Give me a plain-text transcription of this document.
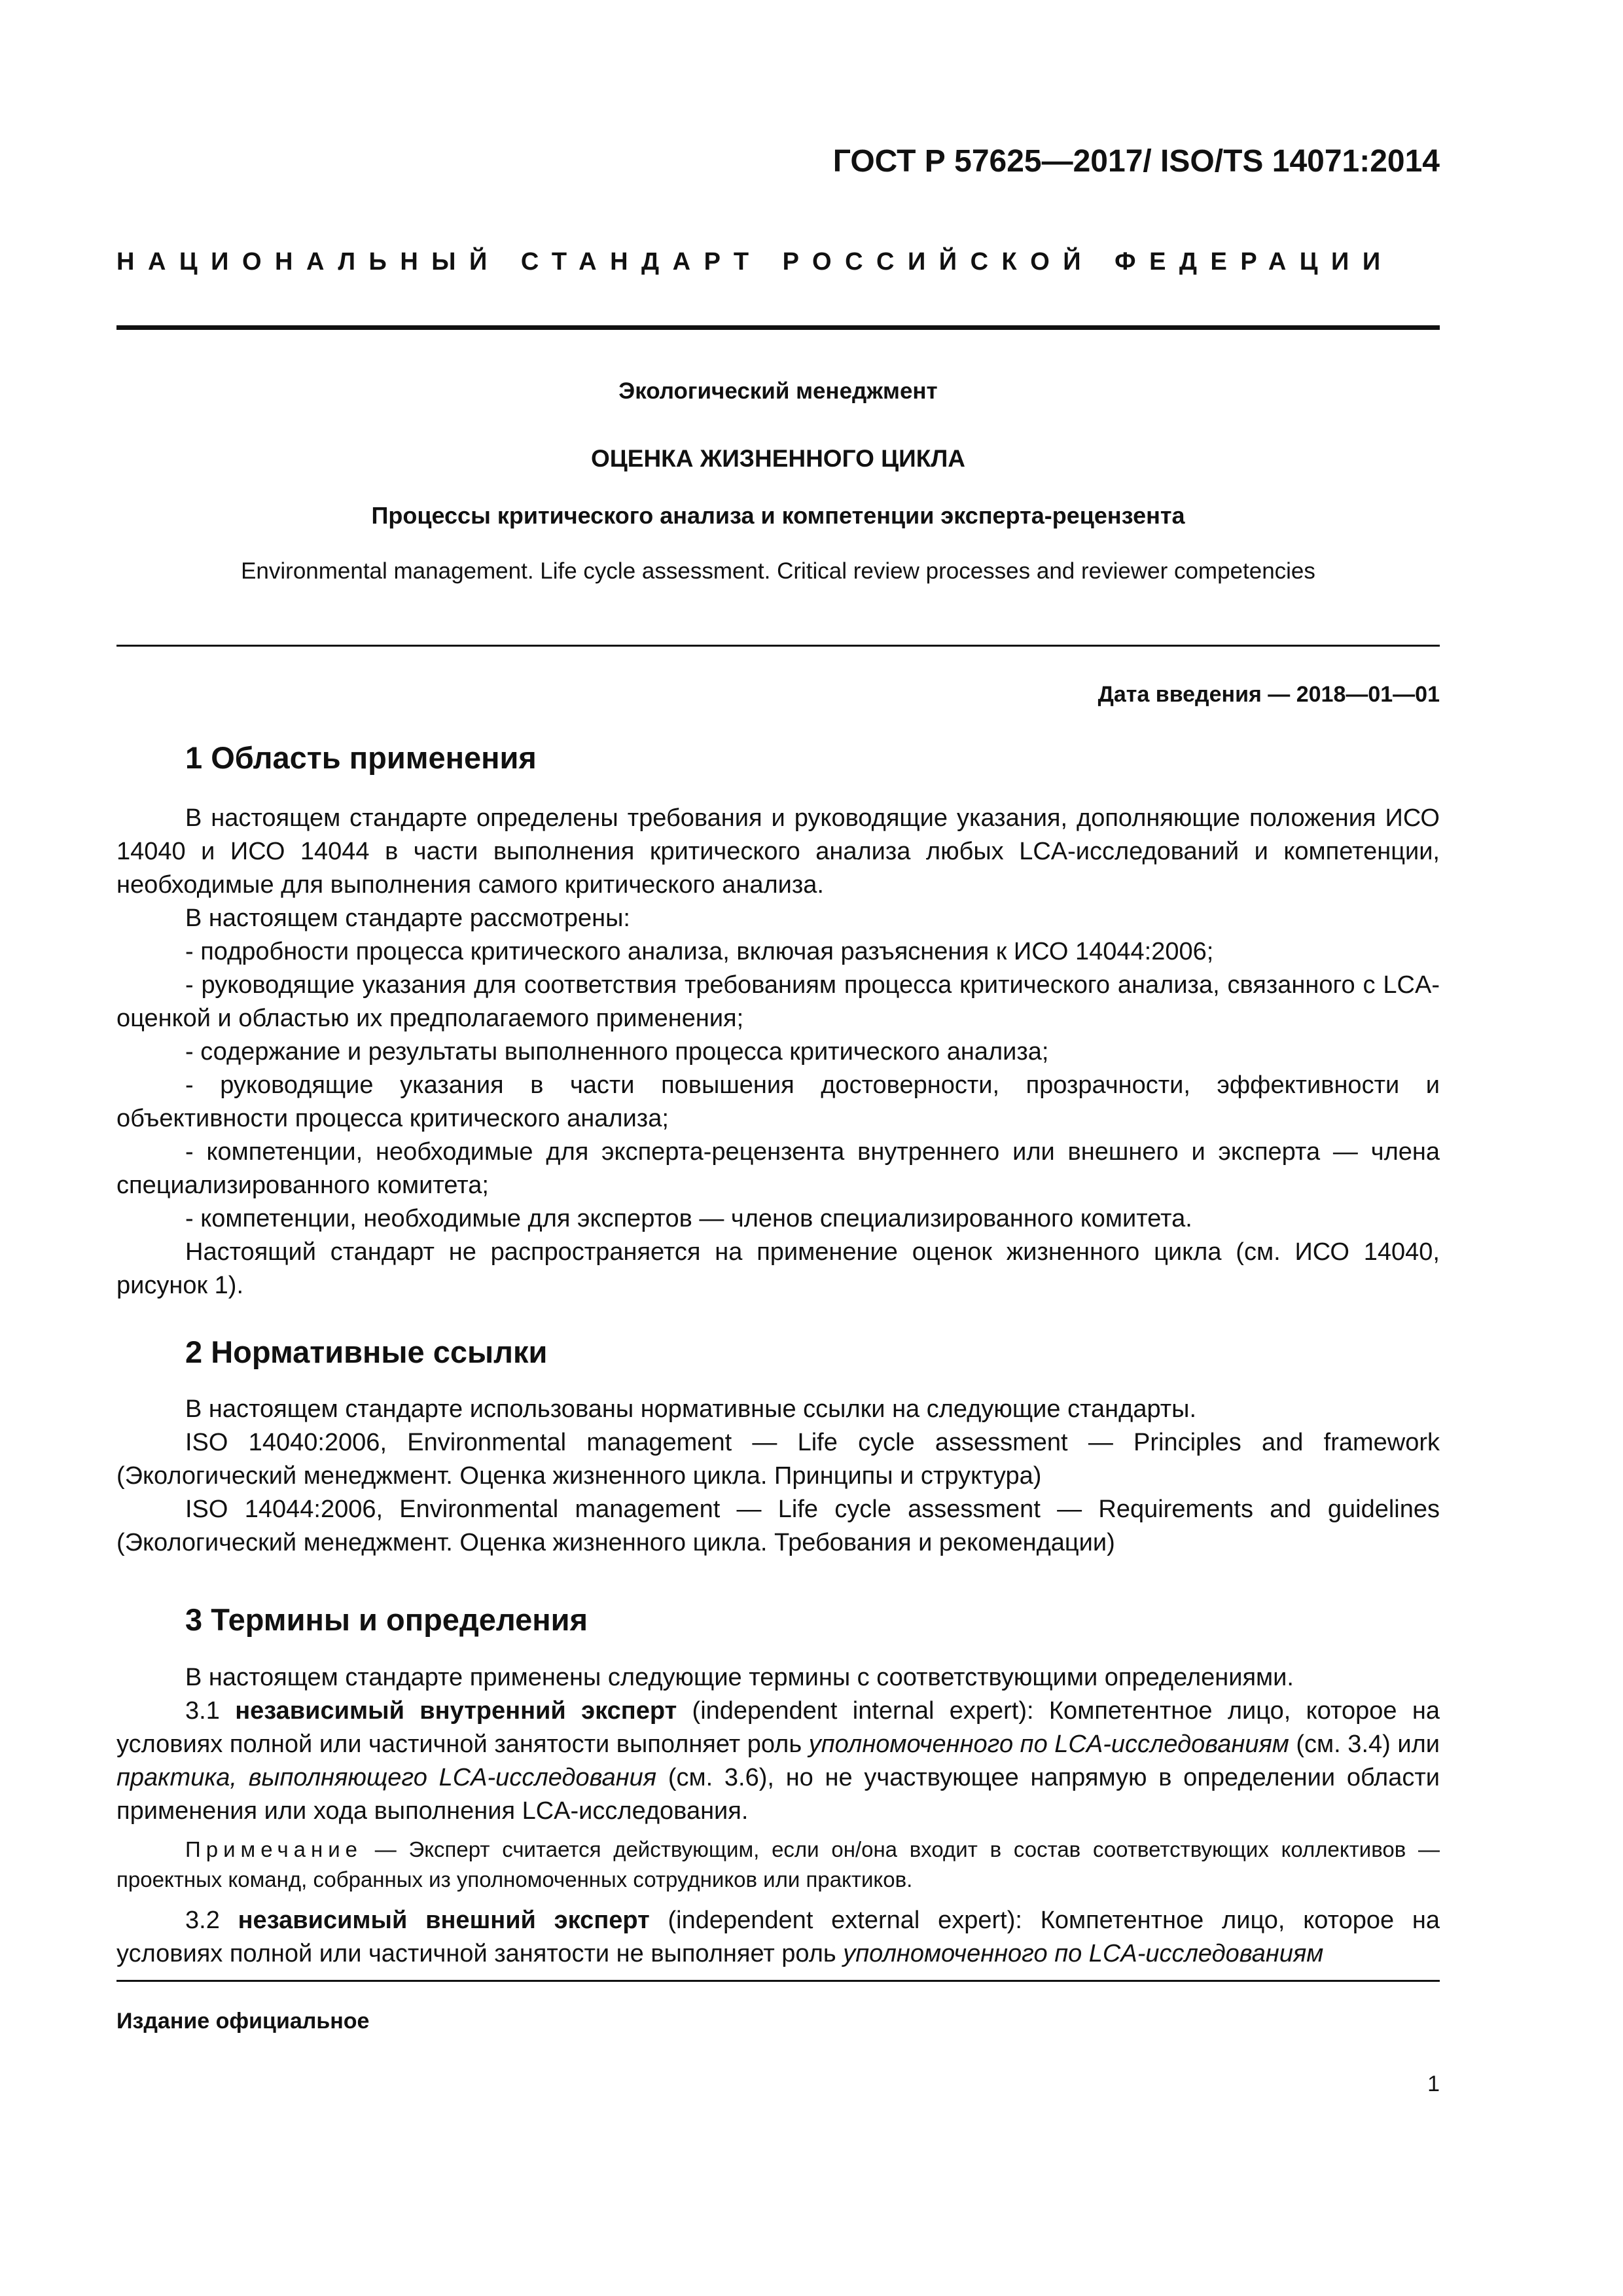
ГОСТ Р 57625—2017/ ISO/TS 14071:2014
НАЦИОНАЛЬНЫЙ СТАНДАРТ РОССИЙСКОЙ ФЕДЕРАЦИИ
Экологический менеджмент
ОЦЕНКА ЖИЗНЕННОГО ЦИКЛА
Процессы критического анализа и компетенции эксперта-рецензента
Environmental management. Life cycle assessment. Critical review processes and reviewer competencies
Дата введения — 2018—01—01
1 Область применения

В настоящем стандарте определены требования и руководящие указания, дополняющие положения ИСО 14040 и ИСО 14044 в части выполнения критического анализа любых LCA-исследований и компетенции, необходимые для выполнения самого критического анализа.

В настоящем стандарте рассмотрены:

- подробности процесса критического анализа, включая разъяснения к ИСО 14044:2006;

- руководящие указания для соответствия требованиям процесса критического анализа, связанного с LCA-оценкой и областью их предполагаемого применения;

- содержание и результаты выполненного процесса критического анализа;

- руководящие указания в части повышения достоверности, прозрачности, эффективности и объективности процесса критического анализа;

- компетенции, необходимые для эксперта-рецензента внутреннего или внешнего и эксперта — члена специализированного комитета;

- компетенции, необходимые для экспертов — членов специализированного комитета.

Настоящий стандарт не распространяется на применение оценок жизненного цикла (см. ИСО 14040, рисунок 1).

2 Нормативные ссылки

В настоящем стандарте использованы нормативные ссылки на следующие стандарты.

ISO 14040:2006, Environmental management — Life cycle assessment — Principles and framework (Экологический менеджмент. Оценка жизненного цикла. Принципы и структура)

ISO 14044:2006, Environmental management — Life cycle assessment — Requirements and guidelines (Экологический менеджмент. Оценка жизненного цикла. Требования и рекомендации)

3 Термины и определения

В настоящем стандарте применены следующие термины с соответствующими определениями.

3.1 независимый внутренний эксперт (independent internal expert): Компетентное лицо, которое на условиях полной или частичной занятости выполняет роль уполномоченного по LCA-исследованиям (см. 3.4) или практика, выполняющего LCA-исследования (см. 3.6), но не участвующее напрямую в определении области применения или хода выполнения LCA-исследования.

Примечание — Эксперт считается действующим, если он/она входит в состав соответствующих коллективов — проектных команд, собранных из уполномоченных сотрудников или практиков.

3.2 независимый внешний эксперт (independent external expert): Компетентное лицо, которое на условиях полной или частичной занятости не выполняет роль уполномоченного по LCA-исследованиям

Издание официальное
1
